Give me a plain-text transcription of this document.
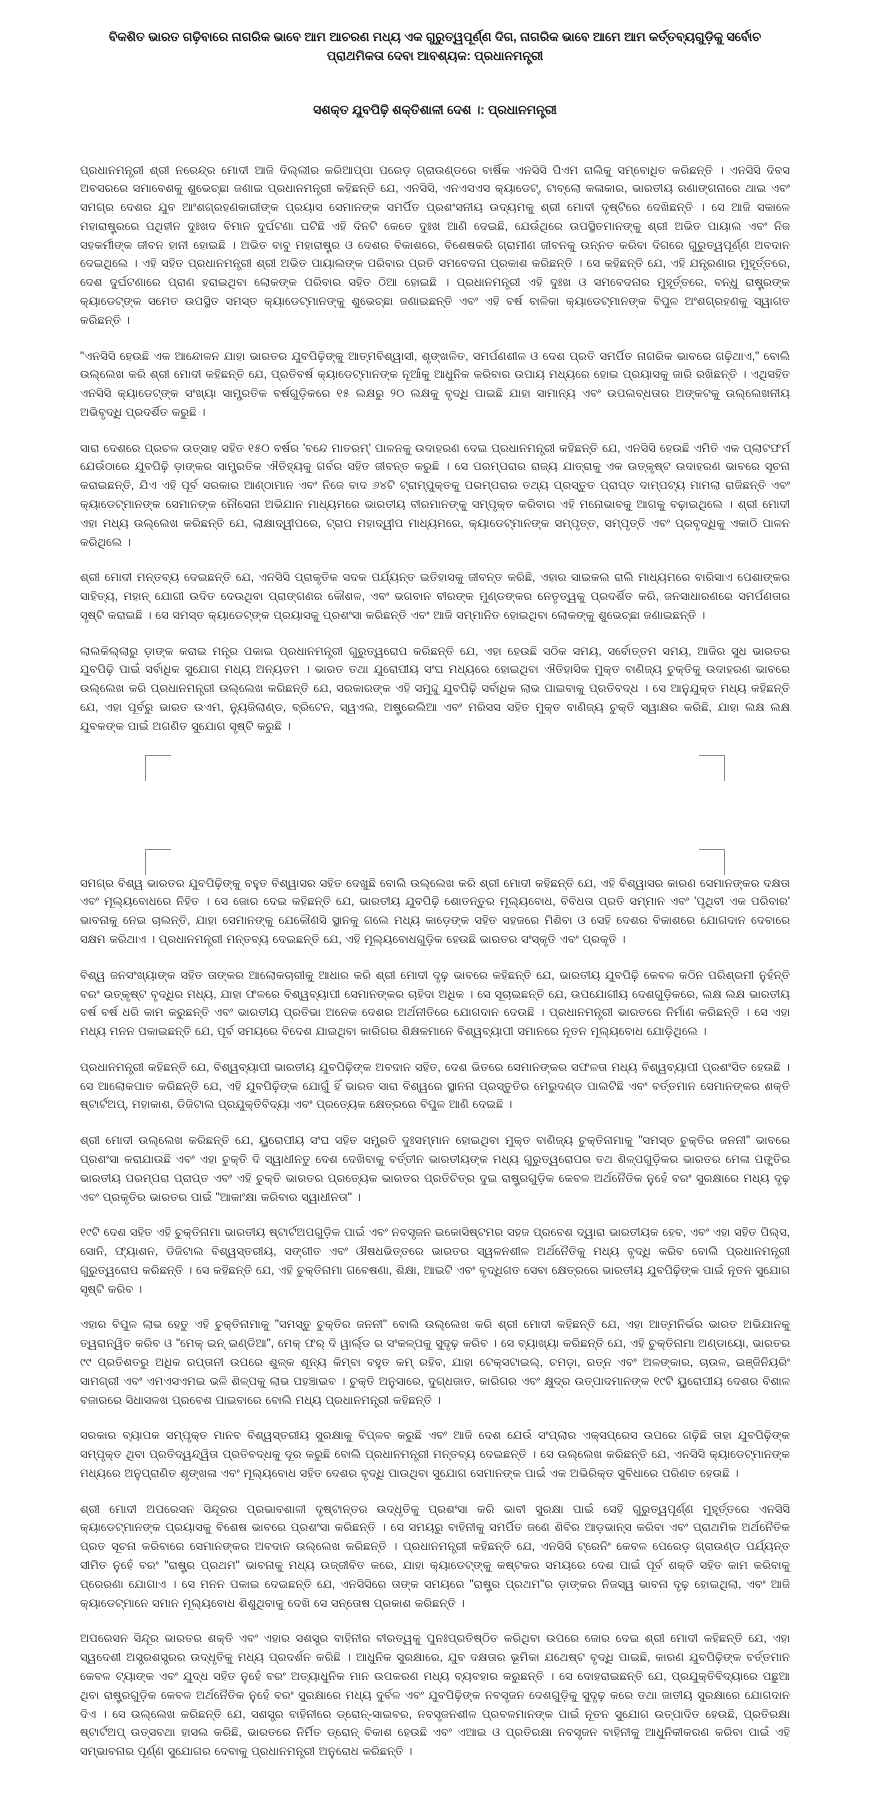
ବିକଶିତ ଭାରତ ଗଢ଼ିବାରେ ନାଗରିକ ଭାବେ ଆମ ଆଚରଣ ମଧ୍ୟ ଏକ ଗୁରୁତ୍ୱପୂର୍ଣ୍ଣ ଦିଗ, ନାଗରିକ ଭାବେ ଆମେ ଆମ କର୍ତ୍ତବ୍ୟଗୁଡ଼ିକୁ ସର୍ବୋଚ ପ୍ରାଥମିକତା ଦେବା ଆବଶ୍ୟକ: ପ୍ରଧାନମନ୍ତ୍ରୀ
ସଶକ୍ତ ଯୁବପିଢ଼ି ଶକ୍ତିଶାଳୀ ଦେଶ ।: ପ୍ରଧାନମନ୍ତ୍ରୀ

ପ୍ରଧାନମନ୍ତ୍ରୀ ଶ୍ରୀ ନରେନ୍ଦ୍ର ମୋଦୀ ଆଜି ଦିଲ୍ଲୀର କରିଆପ୍ପା ପରେଡ଼ ଗ୍ରାଉଣ୍ଡରେ ବାର୍ଷିକ ଏନସିସି ପିଏମ ରାଲିକୁ ସମ୍ବୋଧିତ କରିଛନ୍ତି । ଏନସିସି ଦିବସ ଅବସରରେ ସମାବେଶକୁ ଶୁଭେଚ୍ଛା ଜଣାଇ ପ୍ରଧାନମନ୍ତ୍ରୀ କହିଛନ୍ତି ଯେ, ଏନସିସି, ଏନଏସଏସ କ୍ୟାଡେଟ୍, ଟାବ୍ଲୋ କଳାକାର, ଭାରତୀୟ ରଣାଙ୍ଗନାରେ ଥାଇ ଏବଂ ସମଗ୍ର ଦେଶର ଯୁବ ଆଂଶଗ୍ରହଣକାରୀଙ୍କ ପ୍ରୟାସ ସେମାନଙ୍କ ସମର୍ପିତ ପ୍ରଶଂସନୀୟ ଉଦ୍ୟମକୁ ଶ୍ରୀ ମୋଦୀ ଦୃଷ୍ଟିରେ ଦେଖିଛନ୍ତି । ସେ ଆଜି ସକାଳେ ମହାରାଷ୍ଟ୍ରରେ ପଥିହୀନ ଦୁଃଖଦ ବିମାନ ଦୁର୍ଘଟଣା ଘଟିଛି ଏହି ଦିନଟି କେତେ ଦୁଃଖ ଆଣି ଦେଇଛି, ଯେଉଁଥିରେ ଉପସ୍ଥିତମାନଙ୍କୁ ଶ୍ରୀ ଅଭିତ ପାୟାଲ ଏବଂ ନିଜ ସହକର୍ମୀଙ୍କ ଜୀବନ ହାନୀ ହୋଇଛି । ଅଭିତ ବାବୁ ମହାରାଷ୍ଟ୍ର ଓ ଦେଶର ବିକାଶରେ, ବିଶେଷକରି ଗ୍ରାମୀଣ ଜୀବନକୁ ଉନ୍ନତ କରିବା ଦିଗରେ ଗୁରୁତ୍ୱପୂର୍ଣ୍ଣ ଅବଦାନ ଦେଇଥିଲେ । ଏହି ସହିତ ପ୍ରଧାନମନ୍ତ୍ରୀ ଶ୍ରୀ ଅଭିତ ପାୟାଲଙ୍କ ପରିବାର ପ୍ରତି ସମବେଦନା ପ୍ରକାଶ କରିଛନ୍ତି । ସେ କହିଛନ୍ତି ଯେ, ଏହି ଯନ୍ତ୍ରଣାର ମୁହୂର୍ତ୍ତରେ, ଦେଶ ଦୁର୍ଘଟଣାରେ ପ୍ରାଣ ହରାଇଥିବା ଲୋକଙ୍କ ପରିବାର ସହିତ ଠିଆ ହୋଇଛି । ପ୍ରଧାନମନ୍ତ୍ରୀ ଏହି ଦୁଃଖ ଓ ସମବେଦନାର ମୁହୂର୍ତ୍ତରେ, ବନ୍ଧୁ ରାଷ୍ଟ୍ରଙ୍କ କ୍ୟାଡେଟ୍ଙ୍କ ସମେତ ଉପସ୍ଥିତ ସମସ୍ତ କ୍ୟାଡେଟ୍ମାନଙ୍କୁ ଶୁଭେଚ୍ଛା ଜଣାଇଛନ୍ତି ଏବଂ ଏହି ବର୍ଷ ବାଳିକା କ୍ୟାଡେଟ୍ମାନଙ୍କ ବିପୁଳ ଅଂଶଗ୍ରହଣକୁ ସ୍ୱାଗତ କରିଛନ୍ତି ।

"ଏନସିସି ହେଉଛି ଏକ ଆନ୍ଦୋଳନ ଯାହା ଭାରତର ଯୁବପିଢ଼ିଙ୍କୁ ଆତ୍ମବିଶ୍ୱାସୀ, ଶୃଙ୍ଖଳିତ, ସମର୍ପଣଶୀଳ ଓ ଦେଶ ପ୍ରତି ସମର୍ପିତ ନାଗରିକ ଭାବରେ ଗଢ଼ିଥାଏ," ବୋଲି ଉଲ୍ଲେଖ କରି ଶ୍ରୀ ମୋଦୀ କହିଛନ୍ତି ଯେ, ପ୍ରତିବର୍ଷ କ୍ୟାଡେଟ୍ମାନଙ୍କ ନୂଆଁକୁ ଆଧୁନିକ କରିବାର ଉପାୟ ମଧ୍ୟରେ ହୋଇ ପ୍ରୟାସକୁ ଜାରି ରଖିଛନ୍ତି । ଏଥିସହିତ ଏନସିସି କ୍ୟାଡେଟ୍ଙ୍କ ସଂଖ୍ୟା ସାମ୍ପ୍ରତିକ ବର୍ଷଗୁଡ଼ିକରେ ୧୫ ଲକ୍ଷରୁ ୨୦ ଲକ୍ଷକୁ ବୃଦ୍ଧି ପାଇଛି ଯାହା ସାମାନ୍ୟ ଏବଂ ଉପଲବ୍ଧତାର ଅଙ୍କଟକୁ ଉଲ୍ଲେଖନୀୟ ଅଭିବୃଦ୍ଧି ପ୍ରଦର୍ଶିତ କରୁଛି ।

ସାରା ଦେଶରେ ପ୍ରଚଳ ଉତ୍ସାହ ସହିତ ୧୫୦ ବର୍ଷର 'ବନ୍ଦେ ମାତରମ୍' ପାଳନକୁ ଉଦାହରଣ ଦେଇ ପ୍ରଧାନମନ୍ତ୍ରୀ କହିଛନ୍ତି ଯେ, ଏନସିସି ହେଉଛି ଏମିତି ଏକ ପ୍ଲାଟଫର୍ମ ଯେଉଁଠାରେ ଯୁବପିଢ଼ି ଡ଼ାଙ୍କର ସାମ୍ପ୍ରତିକ ଐତିହ୍ୟକୁ ଗର୍ବର ସହିତ ଜୀବନ୍ତ କରୁଛି । ସେ ପରମ୍ପରାର ରାଜ୍ୟ ଯାତ୍ରାକୁ ଏକ ଉତ୍କୃଷ୍ଟ ଉଦାହରଣ ଭାବରେ ସୂଚନା କରାଇଛନ୍ତି, ଯିଏ ଏହି ପୂର୍ବ ସରକାର ଆଣ୍ଠାମାନ ଏବଂ ନିଜେ ବାଦ ୬୪ଟି ଟ୍ରାମ୍ପୁକ୍ତକୁ ପରମ୍ପରାର ତଥ୍ୟ ପ୍ରସ୍ତୁତ ପ୍ରାପ୍ତ ଦାମ୍ପଟ୍ୟ ମାମଲା ରାଜିଛନ୍ତି ଏବଂ କ୍ୟାଡେଟ୍ମାନଙ୍କ ସେମାନଙ୍କ ନୌସେନା ଅଭିଯାନ ମାଧ୍ୟମରେ ଭାରତୀୟ ବୀରମାନଙ୍କୁ ସମ୍ପୃକ୍ତ କରିବାର ଏହି ମନୋଭାବକୁ ଆଗକୁ ବଢ଼ାଇଥିଲେ । ଶ୍ରୀ ମୋଦୀ ଏହା ମଧ୍ୟ ଉଲ୍ଲେଖ କରିଛନ୍ତି ଯେ, ଲାକ୍ଷାଦ୍ୱୀପରେ, ଟ୍ରାପ ମହାଦ୍ୱୀପ ମାଧ୍ୟମରେ, କ୍ୟାଡେଟ୍ମାନଙ୍କ ସମ୍ପୃତ୍ତ, ସମ୍ପୃତ୍ତି ଏବଂ ପ୍ରବୃଦ୍ଧିକୁ ଏକାଠି ପାଳନ କରିଥିଲେ ।

ଶ୍ରୀ ମୋଦୀ ମନ୍ତବ୍ୟ ଦେଇଛନ୍ତି ଯେ, ଏନସିସି ପ୍ରାକୃତିକ ସଦକ ପର୍ଯ୍ୟନ୍ତ ଇତିହାସକୁ ଜୀବନ୍ତ କରିଛି, ଏହାର ସାଇକଲ ରାଲି ମାଧ୍ୟମରେ ବାରିସାଏ ପେଶାଙ୍କର ସାହିତ୍ୟ, ମହାନ୍ ଯୋଗୀ ଉଦିତ ଦେଉଥିବା ପ୍ରାଙ୍ଗଣର କୌଶଳ, ଏବଂ ଭଗବାନ ବୀରଙ୍କ ମୁଣ୍ଡଙ୍କର ନେତୃତ୍ୱକୁ ପ୍ରଦର୍ଶିତ କରି, ଜନସାଧାରଣରେ ସମର୍ପଣତାର ସୃଷ୍ଟି କରାଇଛି । ସେ ସମସ୍ତ କ୍ୟାଡେଟ୍ଙ୍କ ପ୍ରୟାସକୁ ପ୍ରଶଂସା କରିଛନ୍ତି ଏବଂ ଆଜି ସମ୍ମାନିତ ହୋଇଥିବା ଲୋକଙ୍କୁ ଶୁଭେଚ୍ଛା ଜଣାଇଛନ୍ତି ।

ଲାଲକିଲ୍ଲାରୁ ଡ଼ାଙ୍କ କରାଇ ମନ୍ତ୍ର ପକାଇ ପ୍ରଧାନମନ୍ତ୍ରୀ ଗୁରୁତ୍ୱରୋପ କରିଛନ୍ତି ଯେ, ଏହା ହେଉଛି ସଠିକ ସମୟ, ସର୍ବୋତ୍ତମ ସମୟ, ଆଜିର ସୁଧ ଭାରତର ଯୁବପିଢ଼ି ପାଇଁ ସର୍ବାଧିକ ସୁଯୋଗ ମଧ୍ୟ ଅନ୍ୟତମ । ଭାରତ ତଥା ଯୁରୋପୀୟ ସଂଘ ମଧ୍ୟରେ ହୋଇଥିବା ଐତିହାସିକ ମୁକ୍ତ ବାଣିଜ୍ୟ ଚୁକ୍ତିକୁ ଉଦାହରଣ ଭାବରେ ଉଲ୍ଲେଖ କରି ପ୍ରଧାନମନ୍ତ୍ରୀ ଉଲ୍ଲେଖ କରିଛନ୍ତି ଯେ, ସରକାରଙ୍କ ଏହି ସମୁଦ୍ଦୁ ଯୁବପିଢ଼ି ସର୍ବାଧିକ ଲାଭ ପାଇବାକୁ ପ୍ରତିବଦ୍ଧ । ସେ ଆନୁଯୁକ୍ତ ମଧ୍ୟ କହିଛନ୍ତି ଯେ, ଏହା ପୂର୍ବରୁ ଭାରତ ଉଏମ, ନ୍ୟୁଜିଲାଣ୍ଡ, ବ୍ରିଟେନ, ସ୍ୱଏଲ, ଅଷ୍ଟ୍ରେଲିଆ ଏବଂ ମରିସସ ସହିତ ମୁକ୍ତ ବାଣିଜ୍ୟ ଚୁକ୍ତି ସ୍ୱାକ୍ଷର କରିଛି, ଯାହା ଲକ୍ଷ ଲକ୍ଷ ଯୁବକଙ୍କ ପାଇଁ ଅଗଣିତ ସୁଯୋଗ ସୃଷ୍ଟି କରୁଛି ।

ସମଗ୍ର ବିଶ୍ୱ ଭାରତର ଯୁବପିଢ଼ିଙ୍କୁ ବହୁତ ବିଶ୍ୱାସର ସହିତ ଦେଖୁଛି ବୋଲି ଉଲ୍ଲେଖ କରି ଶ୍ରୀ ମୋଦୀ କହିଛନ୍ତି ଯେ, ଏହି ବିଶ୍ୱାସର କାରଣ ସେମାନଙ୍କର ଦକ୍ଷତା ଏବଂ ମୂଲ୍ୟବୋଧରେ ନିହିତ । ସେ ଜୋର ଦେଇ କହିଛନ୍ତି ଯେ, ଭାରତୀୟ ଯୁବପିଢ଼ି ଶୋତନ୍ତୁର ମୂଲ୍ୟବୋଧ, ବିବିଧତା ପ୍ରତି ସମ୍ମାନ ଏବଂ 'ପୃଥିବୀ ଏକ ପରିବାର' ଭାବନାକୁ ନେଇ ଚାଲନ୍ତି, ଯାହା ସେମାନଙ୍କୁ ଯେକୌଣସି ସ୍ଥାନକୁ ଗଲେ ମଧ୍ୟ କାଡ଼େଙ୍କ ସହିତ ସହଜରେ ମିଶିବା ଓ ସେହି ଦେଶର ବିକାଶରେ ଯୋଗଦାନ ଦେବାରେ ସକ୍ଷମ କରିଥାଏ । ପ୍ରଧାନମନ୍ତ୍ରୀ ମନ୍ତବ୍ୟ ଦେଇଛନ୍ତି ଯେ, ଏହି ମୂଲ୍ୟବୋଧଗୁଡ଼ିକ ହେଉଛି ଭାରତର ସଂସ୍କୃତି ଏବଂ ପ୍ରକୃତି ।

ବିଶ୍ୱ ଜନସଂଖ୍ୟାଙ୍କ ସହିତ ତାଙ୍କର ଆଲୋକଚାରୀକୁ ଆଧାର କରି ଶ୍ରୀ ମୋଦୀ ଦୃଢ଼ ଭାବରେ କହିଛନ୍ତି ଯେ, ଭାରତୀୟ ଯୁବପିଢ଼ି କେବଳ କଠିନ ପରିଶ୍ରମୀ ନୁହଁନ୍ତି ବରଂ ଉତ୍କୃଷ୍ଟ ବୃଦ୍ଧିର ମଧ୍ୟ, ଯାହା ଫଳରେ ବିଶ୍ୱବ୍ୟାପୀ ସେମାନଙ୍କର ଚାହିଦା ଅଧିକ । ସେ ସୂଚାଇଛନ୍ତି ଯେ, ଉପଯୋଗୀୟ ଦେଶଗୁଡ଼ିକରେ, ଲକ୍ଷ ଲକ୍ଷ ଭାରତୀୟ ବର୍ଷ ବର୍ଷ ଧରି କାମ କରୁଛନ୍ତି ଏବଂ ଭାରତୀୟ ପ୍ରତିଭା ଅନେକ ଦେଶର ଅର୍ଥନୀତିରେ ଯୋଗଦାନ ଦେଉଛି । ପ୍ରଧାନମନ୍ତ୍ରୀ ଭାରତରେ ନିର୍ମାଣ କରିଛନ୍ତି । ସେ ଏହା ମଧ୍ୟ ମନନ ପକାଇଛନ୍ତି ଯେ, ପୂର୍ବ ସମୟରେ ବିଦେଶ ଯାଇଥିବା କାରିଗର ଶିକ୍ଷକମାନେ ବିଶ୍ୱବ୍ୟାପୀ ସମାନରେ ନୂତନ ମୂଲ୍ୟବୋଧ ଯୋଡ଼ିଥିଲେ ।

ପ୍ରଧାନମନ୍ତ୍ରୀ କହିଛନ୍ତି ଯେ, ବିଶ୍ୱବ୍ୟାପୀ ଭାରତୀୟ ଯୁବପିଢ଼ିଙ୍କ ଅବଦାନ ସହିତ, ଦେଶ ଭିତରେ ସେମାନଙ୍କର ସଫଳତା ମଧ୍ୟ ବିଶ୍ୱବ୍ୟାପୀ ପ୍ରଶଂସିତ ହେଉଛି । ସେ ଆଲୋକପାତ କରିଛନ୍ତି ଯେ, ଏହି ଯୁବପିଢ଼ିଙ୍କ ଯୋଗୁଁ ହିଁ ଭାରତ ସାରା ବିଶ୍ୱରେ ସ୍ଥାନନା ପ୍ରସ୍ତୁତିର ମେରୁଦଣ୍ଡ ପାଲଟିଛି ଏବଂ ବର୍ତ୍ତମାନ ସେମାନଙ୍କର ଶକ୍ତି ଷ୍ଟାର୍ଟଅପ୍, ମହାକାଶ, ଡିଜିଟାଲ ପ୍ରଯୁକ୍ତିବିଦ୍ୟା ଏବଂ ପ୍ରତ୍ୟେକ କ୍ଷେତ୍ରରେ ବିପୁଳ ଆଣି ଦେଇଛି ।

ଶ୍ରୀ ମୋଦୀ ଉଲ୍ଲେଖ କରିଛନ୍ତି ଯେ, ୟୁରୋପୀୟ ସଂଘ ସହିତ ସମ୍ପ୍ରତି ଦୁଃସମ୍ମାନ ହୋଇଥିବା ମୁକ୍ତ ବାଣିଜ୍ୟ ଚୁକ୍ତିନାମାକୁ "ସମସ୍ତ ଚୁକ୍ତିର ଜନନୀ" ଭାବରେ ପ୍ରଶଂସା କରାଯାଉଛି ଏବଂ ଏହା ଚୁକ୍ତି ଦି ସ୍ୱାଧୀନତୁ ଦେଶ ଦେଖିବାକୁ ବର୍ତ୍ତୀନ ଭାରତୀୟଙ୍କ ମଧ୍ୟ ଗୁରୁତ୍ୱରୋପର ତଥ ଶିଳ୍ପଗୁଡ଼ିକର ଭାରତର ମେଳା ପଙ୍କ୍ତିର ଭାରତୀୟ ପରମ୍ପରା ପ୍ରାପ୍ତ ଏବଂ ଏହି ଚୁକ୍ତି ଭାରତର ପ୍ରତ୍ୟେକ ଭାରତର ପ୍ରତିଚିତ୍ର ଦୁଇ ରାଷ୍ଟ୍ରଗୁଡ଼ିକ କେବଳ ଅର୍ଥନୈତିକ ନୁହେଁ ବରଂ ସୁରକ୍ଷାରେ ମଧ୍ୟ ଦୃଢ଼ ଏବଂ ପ୍ରକୃତିର ଭାରତର ପାଇଁ "ଆକାଂକ୍ଷା କରିବାର ସ୍ୱାଧୀନତା" ।

୧୯ଟି ଦେଶ ସହିତ ଏହି ଚୁକ୍ତିନାମା ଭାରତୀୟ ଷ୍ଟାର୍ଟଅପଗୁଡ଼ିକ ପାଇଁ ଏବଂ ନବସୃଜନ ଇକୋସିଷ୍ଟମର ସହଜ ପ୍ରବେଶ ଦ୍ୱାରା ଭାରତୀୟକ ହେବ, ଏବଂ ଏହା ସହିତ ପିଲ୍ସ, ସୋନି, ଫ୍ୟାଶନ, ଡିଜିଟାଲ ବିଶ୍ୱସ୍ତରୀୟ, ସଙ୍ଗୀତ ଏବଂ ଔଷଧଭିତ୍ତରେ ଭାରତର ସ୍ୱଳନଶୀଳ ଅର୍ଥନୈତିକୁ ମଧ୍ୟ ବୃଦ୍ଧି କରିବ ବୋଲି ପ୍ରଧାନମନ୍ତ୍ରୀ ଗୁରୁତ୍ୱରୋପ କରିଛନ୍ତି । ସେ କହିଛନ୍ତି ଯେ, ଏହି ଚୁକ୍ତିନାମା ଗବେଷଣା, ଶିକ୍ଷା, ଆଇଟି ଏବଂ ବୃଦ୍ଧିଗତ ସେବା କ୍ଷେତ୍ରରେ ଭାରତୀୟ ଯୁବପିଢ଼ିଙ୍କ ପାଇଁ ନୂତନ ସୁଯୋଗ ସୃଷ୍ଟି କରିବ ।

ଏହାର ବିପୁଳ ଲାଭ ହେତୁ ଏହି ଚୁକ୍ତିନାମାକୁ "ସମସ୍ତୁ ଚୁକ୍ତିର ଜନନୀ" ବୋଲି ଉଲ୍ଲେଖ କରି ଶ୍ରୀ ମୋଦୀ କହିଛନ୍ତି ଯେ, ଏହା ଆତ୍ମନିର୍ଭର ଭାରତ ଅଭିଯାନକୁ ତ୍ୱରାନ୍ୱିତ କରିବ ଓ "ମେକ୍ ଇନ୍ ଇଣ୍ଡିଆ", ମେକ୍ ଫର୍ ଦି ୱାର୍ଲ୍ଡ ର ସଂକଳ୍ପକୁ ସୁଦୃଢ଼ କରିବ । ସେ ବ୍ୟାଖ୍ୟା କରିଛନ୍ତି ଯେ, ଏହି ଚୁକ୍ତିନାମା ଅଣ୍ଡାୟୋ, ଭାରତର ୯୯ ପ୍ରତିଶତରୁ ଅଧିକ ରପ୍ତାନୀ ଉପରେ ଶୁଳ୍କ ଶୂନ୍ୟ କିମ୍ବା ବହୁତ କମ୍ ରହିବ, ଯାହା ଟେକ୍ସଟାଇଲ୍, ଚମଡ଼ା, ରତ୍ନ ଏବଂ ଅଳଙ୍କାର, ଚାଉଳ, ଇଞ୍ଜିନିୟରିଂ ସାମଗ୍ରୀ ଏବଂ ଏମଏସଏମଇ ଭଳି ଶିଳ୍ପକୁ ଲାଭ ପହଞ୍ଚାଇବ । ଚୁକ୍ତି ଅନୁସାରେ, ଦୁଗ୍ଧଜାତ, କାରିଗର ଏବଂ କ୍ଷୁଦ୍ର ଉତ୍ପାଦମାନଙ୍କ ୧୯ଟି ୟୁରୋପୀୟ ଦେଶର ବିଶାଳ ବଜାରରେ ସିଧାସଳଖ ପ୍ରବେଶ ପାଇବାରେ ବୋଲି ମଧ୍ୟ ପ୍ରଧାନମନ୍ତ୍ରୀ କହିଛନ୍ତି ।

ସରକାର ବ୍ୟାପକ ସମ୍ପୃକ୍ତ ମାନବ ବିଶ୍ୱସ୍ତରୀୟ ସୁରକ୍ଷାକୁ ବିପ୍ଳବ କରୁଛି ଏବଂ ଆଜି ଦେଶ ଯେଉଁ ସଂପ୍ଲାର ଏକ୍ସପ୍ରେସ ଉପରେ ଗଢ଼ିଛି ତାହା ଯୁବପିଢ଼ିଙ୍କ ସମ୍ପୃକ୍ତ ଥିବା ପ୍ରତିଦ୍ୱନ୍ଦ୍ୱିତା ପ୍ରତିବଦ୍ଧକୁ ଦୂର କରୁଛି ବୋଲି ପ୍ରଧାନମନ୍ତ୍ରୀ ମନ୍ତବ୍ୟ ଦେଇଛନ୍ତି । ସେ ଉଲ୍ଲେଖ କରିଛନ୍ତି ଯେ, ଏନସିସି କ୍ୟାଡେଟ୍ମାନଙ୍କ ମଧ୍ୟରେ ଅନୁପ୍ରାଣିତ ଶୃଙ୍ଖଳା ଏବଂ ମୂଲ୍ୟବୋଧ ସହିତ ଦେଶର ବୃଦ୍ଧି ପାଉଥିବା ସୁଯୋଗ ସେମାନଙ୍କ ପାଇଁ ଏକ ଅଭିରିକ୍ତ ସୁବିଧାରେ ପରିଣତ ହେଉଛି ।

ଶ୍ରୀ ମୋଦୀ ଅପରେସନ ସିନ୍ଦୂରର ପ୍ରଭାବଶାଳୀ ଦୃଷ୍ଟାନ୍ତର ଉଦ୍ଧୃତିକୁ ପ୍ରଶଂସା କରି ଭାବୀ ସୁରକ୍ଷା ପାଇଁ ସେହି ଗୁରୁତ୍ୱପୂର୍ଣ୍ଣ ମୁହୂର୍ତ୍ତରେ ଏନସିସି କ୍ୟାଡେଟ୍ମାନଙ୍କ ପ୍ରୟାସକୁ ବିଶେଷ ଭାବରେ ପ୍ରଶଂସା କରିଛନ୍ତି । ସେ ସମୟରୁ ବାହିନୀକୁ ସମର୍ପିତ ଜଣେ ଶିବିର ଆଡ଼ଭାନ୍ସ କରିବା ଏବଂ ପ୍ରାଥମିକ ଅର୍ଥନୈତିକ ପ୍ରତ ସୂଚନା କରିବାରେ ସେମାନଙ୍କର ଅବଦାନ ଉଲ୍ଲେଖ କରିଛନ୍ତି । ପ୍ରଧାନମନ୍ତ୍ରୀ କହିଛନ୍ତି ଯେ, ଏନସିସି ଟ୍ରେନିଂ କେବଳ ପେରେଡ଼ ଗ୍ରାଉଣ୍ଡ ପର୍ଯ୍ୟନ୍ତ ସୀମିତ ନୁହେଁ ବରଂ "ରାଷ୍ଟ୍ର ପ୍ରଥମ" ଭାବନାକୁ ମଧ୍ୟ ଉଜ୍ଜୀବିତ କରେ, ଯାହା କ୍ୟାଡେଟ୍ଙ୍କୁ କଷ୍ଟକର ସମୟରେ ଦେଶ ପାଇଁ ପୂର୍ବ ଶକ୍ତି ସହିତ କାମ କରିବାକୁ ପ୍ରେରଣା ଯୋଗାଏ । ସେ ମନନ ପକାଇ ଦେଇଛନ୍ତି ଯେ, ଏନସିସିରେ ତାଙ୍କ ସମୟରେ "ରାଷ୍ଟ୍ର ପ୍ରଥମ"ର ଡ଼ାଙ୍କର ନିଜସ୍ୱ ଭାବନା ଦୃଢ଼ ହୋଇଥିଲା, ଏବଂ ଆଜି କ୍ୟାଡେଟ୍ମାନେ ସମାନ ମୂଲ୍ୟବୋଧ ଶିଶୁଥିବାକୁ ଦେଖି ସେ ସନ୍ତୋଷ ପ୍ରକାଶ କରିଛନ୍ତି ।

ଅପରେସନ ସିନ୍ଦୂର ଭାରତର ଶକ୍ତି ଏବଂ ଏହାର ସଶସ୍ତ୍ର ବାହିନୀର ବୀରତ୍ୱକୁ ପୁନଃପ୍ରତିଷ୍ଠିତ କରିଥିବା ଉପରେ ଜୋର ଦେଇ ଶ୍ରୀ ମୋଦୀ କହିଛନ୍ତି ଯେ, ଏହା ସ୍ୱଦେଶୀ ଅସ୍ତ୍ରଶସ୍ତ୍ରର ଉଦ୍ଧୃତିକୁ ମଧ୍ୟ ପ୍ରଦର୍ଶନ କରିଛି । ଆଧୁନିକ ସୁରକ୍ଷାରେ, ଯୁବ ଦକ୍ଷତାର ଭୂମିକା ଯଥେଷ୍ଟ ବୃଦ୍ଧି ପାଇଛି, କାରଣ ଯୁବପିଢ଼ିଙ୍କ ବର୍ତ୍ତମାନ କେବଳ ଟ୍ୟାଙ୍କ ଏବଂ ଯୁଦ୍ଧ ସହିତ ନୁହେଁ ବରଂ ଅତ୍ୟାଧୁନିକ ମାନ ଉପକରଣ ମଧ୍ୟ ବ୍ୟବହାର କରୁଛନ୍ତି । ସେ ଦୋହରାଇଛନ୍ତି ଯେ, ପ୍ରଯୁକ୍ତିବିଦ୍ୟାରେ ପଛୁଆ ଥିବା ରାଷ୍ଟ୍ରଗୁଡ଼ିକ କେବଳ ଅର୍ଥନୈତିକ ନୁହେଁ ବରଂ ସୁରକ୍ଷାରେ ମଧ୍ୟ ଦୁର୍ବଳ ଏବଂ ଯୁବପିଢ଼ିଙ୍କ ନବସୃଜନ ଦେଶଗୁଡ଼ିକୁ ସୁଦୃଢ଼ କରେ ତଥା ଜାତୀୟ ସୁରକ୍ଷାରେ ଯୋଗଦାନ ଦିଏ । ସେ ଉଲ୍ଲେଖ କରିଛନ୍ତି ଯେ, ସଶସ୍ତ୍ର ବାହିନୀରେ ଡ୍ରୋନ୍-ସାଇବର, ନବସୃଜନଶୀଳ ପ୍ରବଳମାନଙ୍କ ପାଇଁ ନୂତନ ସୁଯୋଗ ଉତ୍ପାଦିତ ହେଉଛି, ପ୍ରତିରକ୍ଷା ଷ୍ଟାର୍ଟଅପ୍ ଉତ୍ସବଥା ହାସଲ କରିଛି, ଭାରତରେ ନିର୍ମିତ ଡ୍ରୋନ୍ ବିକାଶ ହେଉଛି ଏବଂ ଏଆଇ ଓ ପ୍ରତିରକ୍ଷା ନବସୃଜନ ବାହିନୀକୁ ଆଧୁନିକୀକରଣ କରିବା ପାଇଁ ଏହି ସମ୍ଭାବନାର ପୂର୍ଣ୍ଣ ସୁଯୋଗର ଦେବାକୁ ପ୍ରଧାନମନ୍ତ୍ରୀ ଅନୁରୋଧ କରିଛନ୍ତି ।
